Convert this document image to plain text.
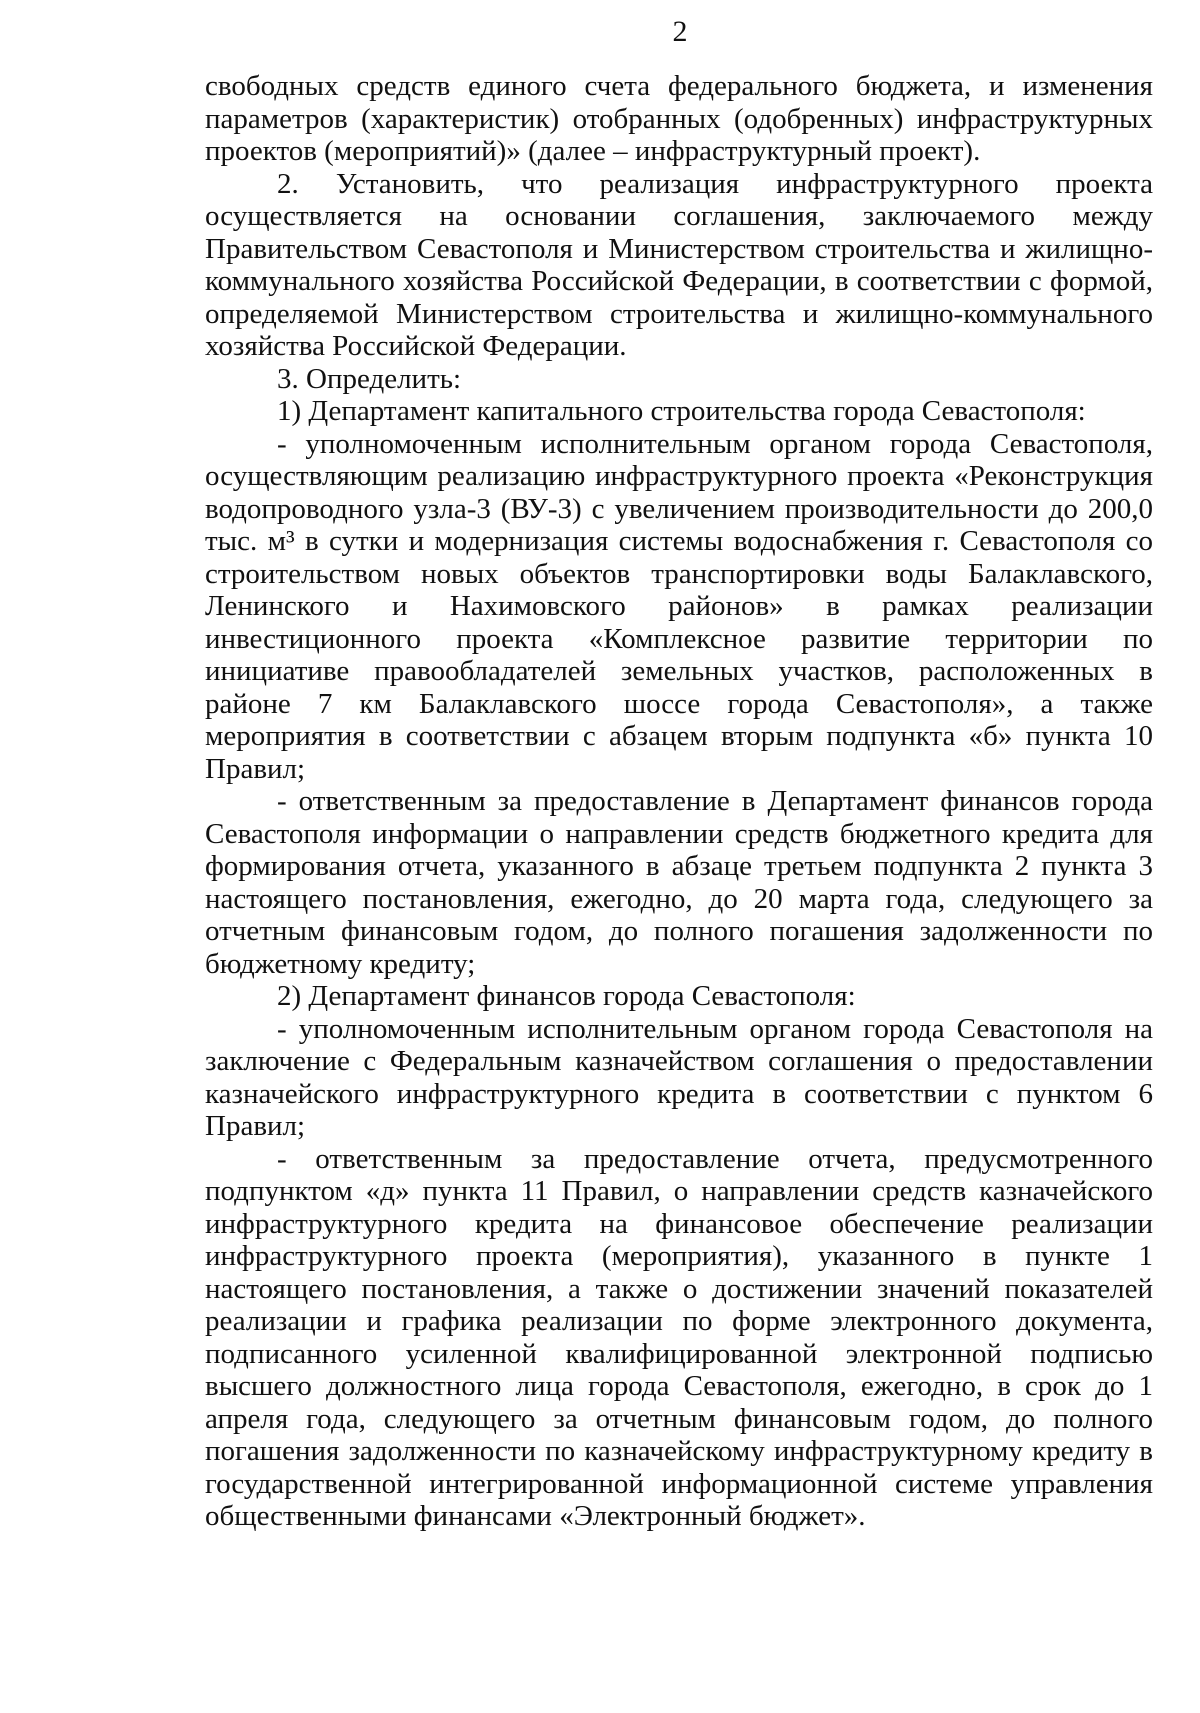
2

свободных средств единого счета федерального бюджета, и изменения параметров (характеристик) отобранных (одобренных) инфраструктурных проектов (мероприятий)» (далее – инфраструктурный проект).

2. Установить, что реализация инфраструктурного проекта осуществляется на основании соглашения, заключаемого между Правительством Севастополя и Министерством строительства и жилищно-коммунального хозяйства Российской Федерации, в соответствии с формой, определяемой Министерством строительства и жилищно-коммунального хозяйства Российской Федерации.

3. Определить:

1) Департамент капитального строительства города Севастополя:

- уполномоченным исполнительным органом города Севастополя, осуществляющим реализацию инфраструктурного проекта «Реконструкция водопроводного узла-3 (ВУ-3) с увеличением производительности до 200,0 тыс. м³ в сутки и модернизация системы водоснабжения г. Севастополя со строительством новых объектов транспортировки воды Балаклавского, Ленинского и Нахимовского районов» в рамках реализации инвестиционного проекта «Комплексное развитие территории по инициативе правообладателей земельных участков, расположенных в районе 7 км Балаклавского шоссе города Севастополя», а также мероприятия в соответствии с абзацем вторым подпункта «б» пункта 10 Правил;

- ответственным за предоставление в Департамент финансов города Севастополя информации о направлении средств бюджетного кредита для формирования отчета, указанного в абзаце третьем подпункта 2 пункта 3 настоящего постановления, ежегодно, до 20 марта года, следующего за отчетным финансовым годом, до полного погашения задолженности по бюджетному кредиту;

2) Департамент финансов города Севастополя:

- уполномоченным исполнительным органом города Севастополя на заключение с Федеральным казначейством соглашения о предоставлении казначейского инфраструктурного кредита в соответствии с пунктом 6 Правил;

- ответственным за предоставление отчета, предусмотренного подпунктом «д» пункта 11 Правил, о направлении средств казначейского инфраструктурного кредита на финансовое обеспечение реализации инфраструктурного проекта (мероприятия), указанного в пункте 1 настоящего постановления, а также о достижении значений показателей реализации и графика реализации по форме электронного документа, подписанного усиленной квалифицированной электронной подписью высшего должностного лица города Севастополя, ежегодно, в срок до 1 апреля года, следующего за отчетным финансовым годом, до полного погашения задолженности по казначейскому инфраструктурному кредиту в государственной интегрированной информационной системе управления общественными финансами «Электронный бюджет».
